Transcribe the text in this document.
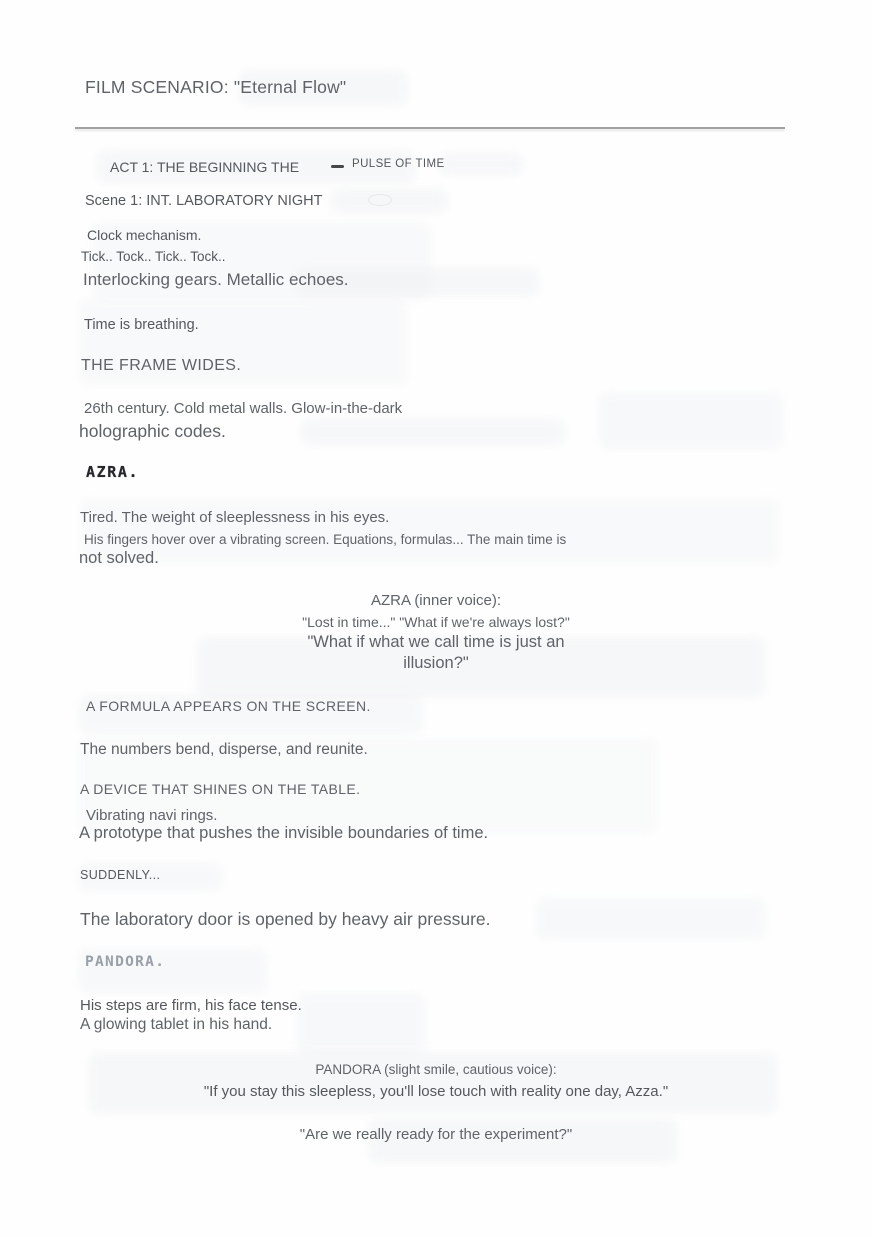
FILM SCENARIO: "Eternal Flow"
ACT 1: THE BEGINNING THE	PULSE OF TIME
Scene 1: INT. LABORATORY NIGHT
Clock mechanism.
Tick.. Tock.. Tick.. Tock..
Interlocking gears. Metallic echoes.
Time is breathing.
THE FRAME WIDES.
26th century. Cold metal walls. Glow-in-the-dark
holographic codes.
AZRA.
Tired. The weight of sleeplessness in his eyes.
His fingers hover over a vibrating screen. Equations, formulas... The main time is
not solved.
AZRA (inner voice):
"Lost in time..." "What if we're always lost?"
"What if what we call time is just an
illusion?"
A FORMULA APPEARS ON THE SCREEN.
The numbers bend, disperse, and reunite.
A DEVICE THAT SHINES ON THE TABLE.
Vibrating navi rings.
A prototype that pushes the invisible boundaries of time.
SUDDENLY...
The laboratory door is opened by heavy air pressure.
PANDORA.
His steps are firm, his face tense.
A glowing tablet in his hand.
PANDORA (slight smile, cautious voice):
"If you stay this sleepless, you'll lose touch with reality one day, Azza."
"Are we really ready for the experiment?"
